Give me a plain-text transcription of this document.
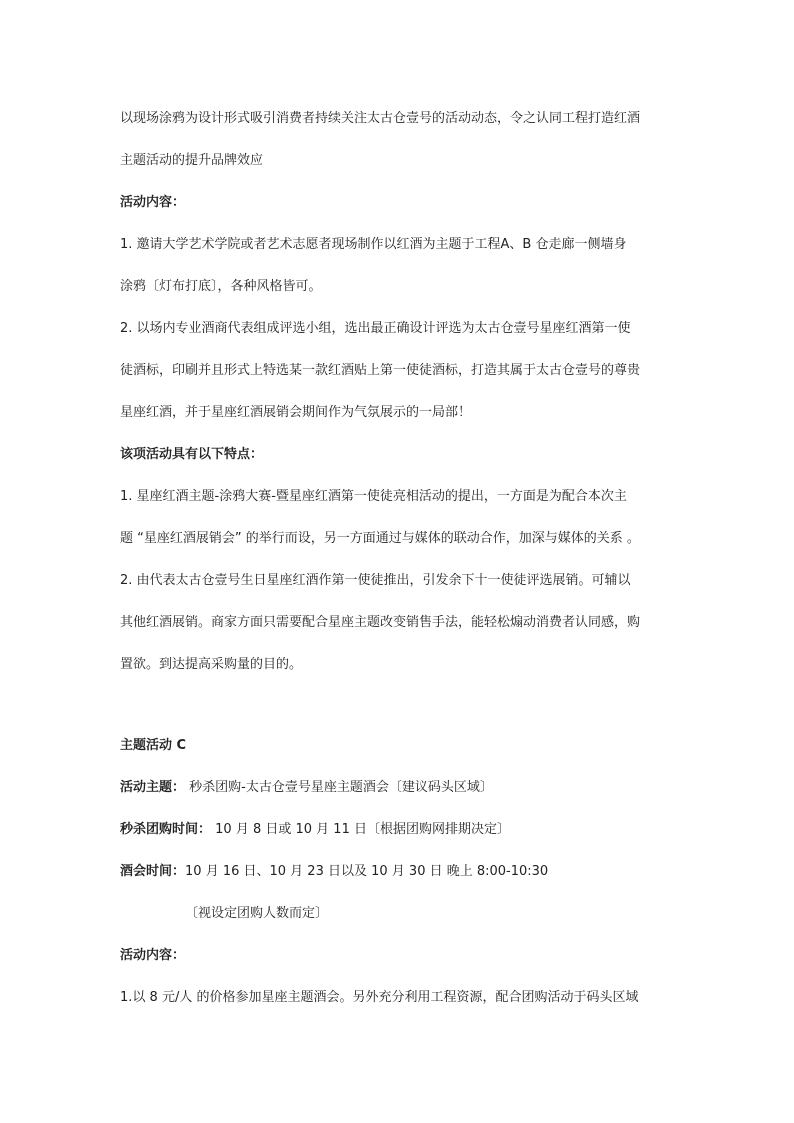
以现场涂鸦为设计形式吸引消费者持续关注太古仓壹号的活动动态，令之认同工程打造红酒
主题活动的提升品牌效应
活动内容：
1. 邀请大学艺术学院或者艺术志愿者现场制作以红酒为主题于工程A、B 仓走廊一侧墙身
涂鸦〔灯布打底〕，各种风格皆可。
2. 以场内专业酒商代表组成评选小组，选出最正确设计评选为太古仓壹号星座红酒第一使
徒酒标，印刷并且形式上特选某一款红酒贴上第一使徒酒标，打造其属于太古仓壹号的尊贵
星座红酒，并于星座红酒展销会期间作为气氛展示的一局部！
该项活动具有以下特点：
1. 星座红酒主题-涂鸦大赛-暨星座红酒第一使徒亮相活动的提出，一方面是为配合本次主
题 “星座红酒展销会” 的举行而设，另一方面通过与媒体的联动合作，加深与媒体的关系 。
2. 由代表太古仓壹号生日星座红酒作第一使徒推出，引发余下十一使徒评选展销。可辅以
其他红酒展销。商家方面只需要配合星座主题改变销售手法，能轻松煽动消费者认同感，购
置欲。到达提高采购量的目的。
主题活动 C
活动主题： 秒杀团购-太古仓壹号星座主题酒会〔建议码头区域〕
秒杀团购时间： 10 月 8 日或 10 月 11 日〔根据团购网排期决定〕
酒会时间：10 月 16 日、10 月 23 日以及 10 月 30 日 晚上 8:00-10:30
〔视设定团购人数而定〕
活动内容：
1.以 8 元/人 的价格参加星座主题酒会。另外充分利用工程资源，配合团购活动于码头区域
